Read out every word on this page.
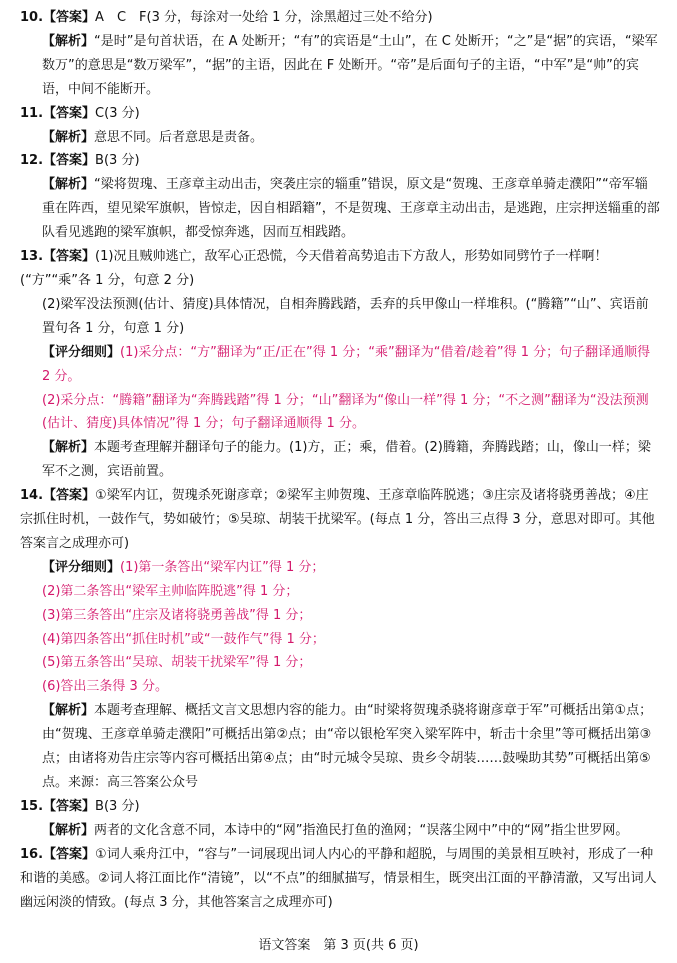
10.【答案】A　C　F(3 分，每涂对一处给 1 分，涂黑超过三处不给分)
【解析】“是时”是句首状语，在 A 处断开；“有”的宾语是“土山”，在 C 处断开；“之”是“据”的宾语，“梁军数万”的意思是“数万梁军”，“据”的主语，因此在 F 处断开。“帝”是后面句子的主语，“中军”是“帅”的宾语，中间不能断开。
11.【答案】C(3 分)
【解析】意思不同。后者意思是责备。
12.【答案】B(3 分)
【解析】“梁将贺瑰、王彦章主动出击，突袭庄宗的辎重”错误，原文是“贺瑰、王彦章单骑走濮阳”“帝军辎重在阵西，望见梁军旗帜，皆惊走，因自相蹈籍”，不是贺瑰、王彦章主动出击，是逃跑，庄宗押送辎重的部队看见逃跑的梁军旗帜，都受惊奔逃，因而互相践踏。
13.【答案】(1)况且贼帅逃亡，敌军心正恐慌，今天借着高势追击下方敌人，形势如同劈竹子一样啊！(“方”“乘”各 1 分，句意 2 分)
(2)梁军没法预测(估计、猜度)具体情况，自相奔腾践踏，丢弃的兵甲像山一样堆积。(“腾籍”“山”、宾语前置句各 1 分，句意 1 分)
【评分细则】(1)采分点：“方”翻译为“正/正在”得 1 分；“乘”翻译为“借着/趁着”得 1 分；句子翻译通顺得 2 分。
(2)采分点：“腾籍”翻译为“奔腾践踏”得 1 分；“山”翻译为“像山一样”得 1 分；“不之测”翻译为“没法预测(估计、猜度)具体情况”得 1 分；句子翻译通顺得 1 分。
【解析】本题考查理解并翻译句子的能力。(1)方，正；乘，借着。(2)腾籍，奔腾践踏；山，像山一样；梁军不之测，宾语前置。
14.【答案】①梁军内讧，贺瑰杀死谢彦章；②梁军主帅贺瑰、王彦章临阵脱逃；③庄宗及诸将骁勇善战；④庄宗抓住时机，一鼓作气，势如破竹；⑤吴琼、胡装干扰梁军。(每点 1 分，答出三点得 3 分，意思对即可。其他答案言之成理亦可)
【评分细则】(1)第一条答出“梁军内讧”得 1 分；
(2)第二条答出“梁军主帅临阵脱逃”得 1 分；
(3)第三条答出“庄宗及诸将骁勇善战”得 1 分；
(4)第四条答出“抓住时机”或“一鼓作气”得 1 分；
(5)第五条答出“吴琼、胡装干扰梁军”得 1 分；
(6)答出三条得 3 分。
【解析】本题考查理解、概括文言文思想内容的能力。由“时梁将贺瑰杀骁将谢彦章于军”可概括出第①点；由“贺瑰、王彦章单骑走濮阳”可概括出第②点；由“帝以银枪军突入梁军阵中，斩击十余里”等可概括出第③点；由诸将劝告庄宗等内容可概括出第④点；由“时元城令吴琼、贵乡令胡装……鼓噪助其势”可概括出第⑤点。来源：高三答案公众号
15.【答案】B(3 分)
【解析】两者的文化含意不同，本诗中的“网”指渔民打鱼的渔网；“误落尘网中”中的“网”指尘世罗网。
16.【答案】①词人乘舟江中，“容与”一词展现出词人内心的平静和超脱，与周围的美景相互映衬，形成了一种和谐的美感。②词人将江面比作“清镜”，以“不点”的细腻描写，情景相生，既突出江面的平静清澈，又写出词人幽远闲淡的情致。(每点 3 分，其他答案言之成理亦可)
语文答案　第 3 页(共 6 页)
